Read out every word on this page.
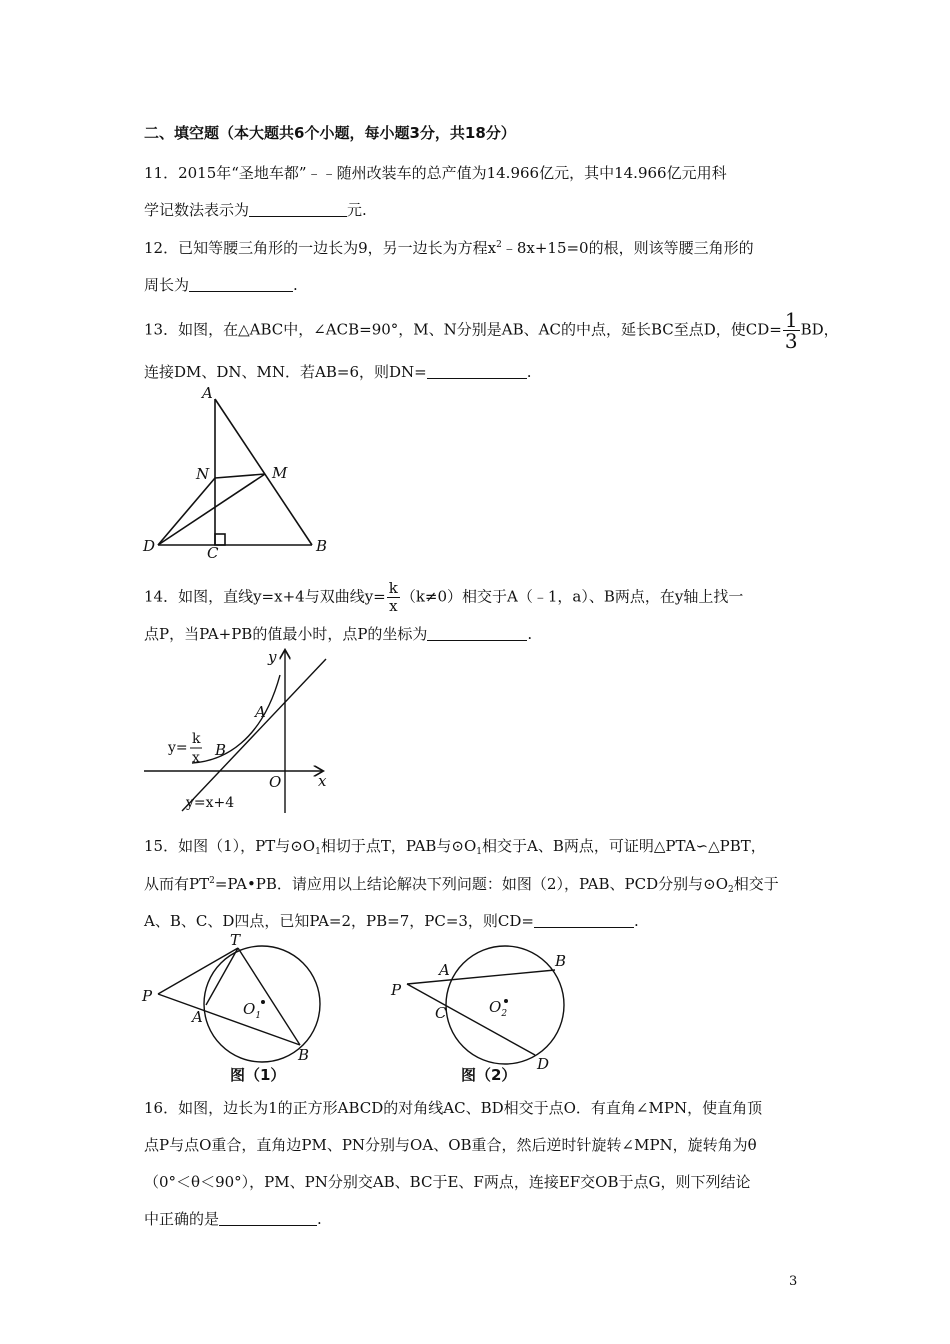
二、填空题（本大题共6个小题，每小题3分，共18分）
11．2015年“圣地车都”﹣﹣随州改装车的总产值为14.966亿元，其中14.966亿元用科
学记数法表示为	元.
12．已知等腰三角形的一边长为9，另一边长为方程$x^2﹣8x+15=0$的根，则该等腰三角形的
周长为	.
13．如图，在△ABC中，∠ACB=90°，M、N分别是AB、AC的中点，延长BC至点D，使$CD= \frac{1}{3}$ BD，
连接DM、DN、MN．若AB=6，则DN=	.
A
N	M
D	C	B
14．如图，直线y=x+4与双曲线$y= \frac{k}{x} (k\ne 0)$相交于A（﹣1，a）、B两点，在y轴上找一
点P，当PA+PB的值最小时，点P的坐标为	.
y
x
A
B
O
y=
k
x
y=x+4
15．如图（1），PT与$⊙O_1$相切于点T，PAB与$⊙O_1$相交于A、B两点，可证明△PTA∽△PBT，
从而有$PT^2=PA•PB$．请应用以上结论解决下列问题：如图（2），PAB、PCD分别与$⊙O_2$相交于
A、B、C、D四点，已知PA=2，PB=7，PC=3，则CD=	.
T
P
A
B
$O_1$
图（1）
P
A	B
C
D
$O_2$
图（2）
16．如图，边长为1的正方形ABCD的对角线AC、BD相交于点O．有直角∠MPN，使直角顶
点P与点O重合，直角边PM、PN分别与OA、OB重合，然后逆时针旋转∠MPN，旋转角为θ
（0°＜θ＜90°），PM、PN分别交AB、BC于E、F两点，连接EF交OB于点G，则下列结论
中正确的是	.
3
